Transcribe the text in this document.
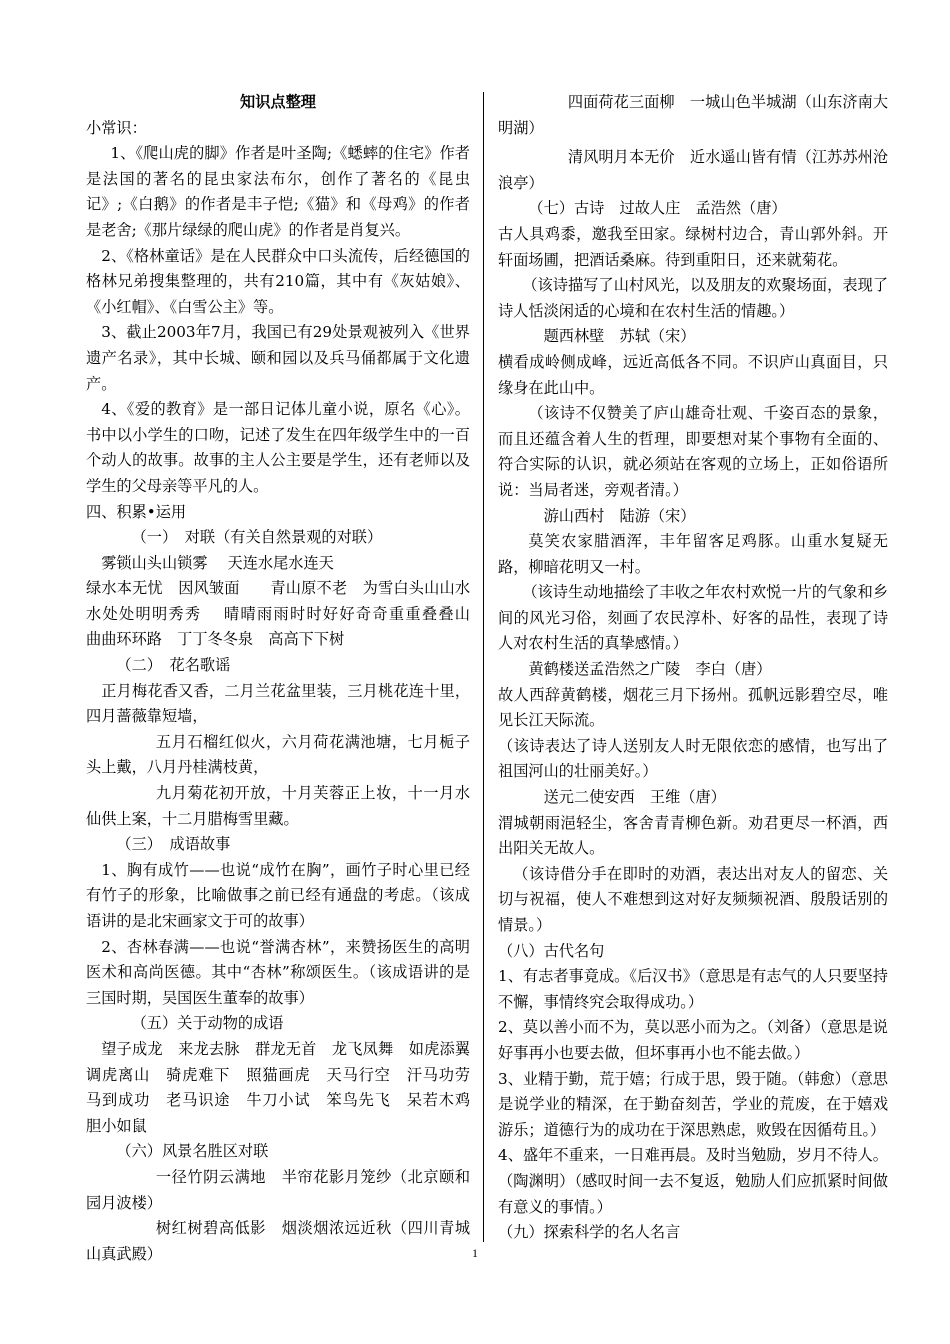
知识点整理

小常识：

1、《爬山虎的脚》作者是叶圣陶;《蟋蟀的住宅》作者是法国的著名的昆虫家法布尔，创作了著名的《昆虫记》;《白鹅》的作者是丰子恺;《猫》和《母鸡》的作者是老舍;《那片绿绿的爬山虎》的作者是肖复兴。

2、《格林童话》是在人民群众中口头流传，后经德国的格林兄弟搜集整理的，共有210篇，其中有《灰姑娘》、《小红帽》、《白雪公主》等。

3、截止2003年7月，我国已有29处景观被列入《世界遗产名录》，其中长城、颐和园以及兵马俑都属于文化遗产。

4、《爱的教育》是一部日记体儿童小说，原名《心》。书中以小学生的口吻，记述了发生在四年级学生中的一百个动人的故事。故事的主人公主要是学生，还有老师以及学生的父母亲等平凡的人。

四、积累•运用

（一）　对联（有关自然景观的对联）

雾锁山头山锁雾　 天连水尾水连天

绿水本无忧　因风皱面　　青山原不老　为雪白头山山水水处处明明秀秀　 晴晴雨雨时时好好奇奇重重叠叠山　曲曲环环路　丁丁冬冬泉　高高下下树

（二）　花名歌谣

正月梅花香又香，二月兰花盆里装，三月桃花连十里，四月蔷薇靠短墙，

五月石榴红似火，六月荷花满池塘，七月栀子头上戴，八月丹桂满枝黄，

九月菊花初开放，十月芙蓉正上妆，十一月水仙供上案，十二月腊梅雪里藏。

（三）　成语故事

1、胸有成竹——也说“成竹在胸”，画竹子时心里已经有竹子的形象，比喻做事之前已经有通盘的考虑。（该成语讲的是北宋画家文于可的故事）

2、杏林春满——也说“誉满杏林”，来赞扬医生的高明医术和高尚医德。其中“杏林”称颂医生。（该成语讲的是三国时期，吴国医生董奉的故事）

（五）关于动物的成语

望子成龙　来龙去脉　群龙无首　龙飞凤舞　如虎添翼　调虎离山　骑虎难下　照猫画虎　天马行空　汗马功劳　马到成功　老马识途　牛刀小试　笨鸟先飞　呆若木鸡　胆小如鼠

（六）风景名胜区对联

一径竹阴云满地　半帘花影月笼纱（北京颐和园月波楼）

树红树碧高低影　烟淡烟浓远近秋（四川青城山真武殿）

四面荷花三面柳　一城山色半城湖（山东济南大明湖）

清风明月本无价　近水遥山皆有情（江苏苏州沧浪亭）

（七）古诗　过故人庄　孟浩然（唐）

古人具鸡黍，邀我至田家。绿树村边合，青山郭外斜。开轩面场圃，把酒话桑麻。待到重阳日，还来就菊花。

（该诗描写了山村风光，以及朋友的欢聚场面，表现了诗人恬淡闲适的心境和在农村生活的情趣。）

题西林壁　苏轼（宋）

横看成岭侧成峰，远近高低各不同。不识庐山真面目，只缘身在此山中。

（该诗不仅赞美了庐山雄奇壮观、千姿百态的景象，而且还蕴含着人生的哲理，即要想对某个事物有全面的、符合实际的认识，就必须站在客观的立场上，正如俗语所说：当局者迷，旁观者清。）

游山西村　陆游（宋）

莫笑农家腊酒浑，丰年留客足鸡豚。山重水复疑无路，柳暗花明又一村。

（该诗生动地描绘了丰收之年农村欢悦一片的气象和乡间的风光习俗，刻画了农民淳朴、好客的品性，表现了诗人对农村生活的真挚感情。）

黄鹤楼送孟浩然之广陵　李白（唐）

故人西辞黄鹤楼，烟花三月下扬州。孤帆远影碧空尽，唯见长江天际流。

（该诗表达了诗人送别友人时无限依恋的感情，也写出了祖国河山的壮丽美好。）

送元二使安西　王维（唐）

渭城朝雨浥轻尘，客舍青青柳色新。劝君更尽一杯酒，西出阳关无故人。

（该诗借分手在即时的劝酒，表达出对友人的留恋、关切与祝福，使人不难想到这对好友频频祝酒、殷殷话别的情景。）

（八）古代名句

1、有志者事竟成。《后汉书》（意思是有志气的人只要坚持不懈，事情终究会取得成功。）

2、莫以善小而不为，莫以恶小而为之。（刘备）（意思是说好事再小也要去做，但坏事再小也不能去做。）

3、业精于勤，荒于嬉；行成于思，毁于随。（韩愈）（意思是说学业的精深，在于勤奋刻苦，学业的荒废，在于嬉戏游乐；道德行为的成功在于深思熟虑，败毁在因循苟且。）

4、盛年不重来，一日难再晨。及时当勉励，岁月不待人。（陶渊明）（感叹时间一去不复返，勉励人们应抓紧时间做有意义的事情。）

（九）探索科学的名人名言

1
